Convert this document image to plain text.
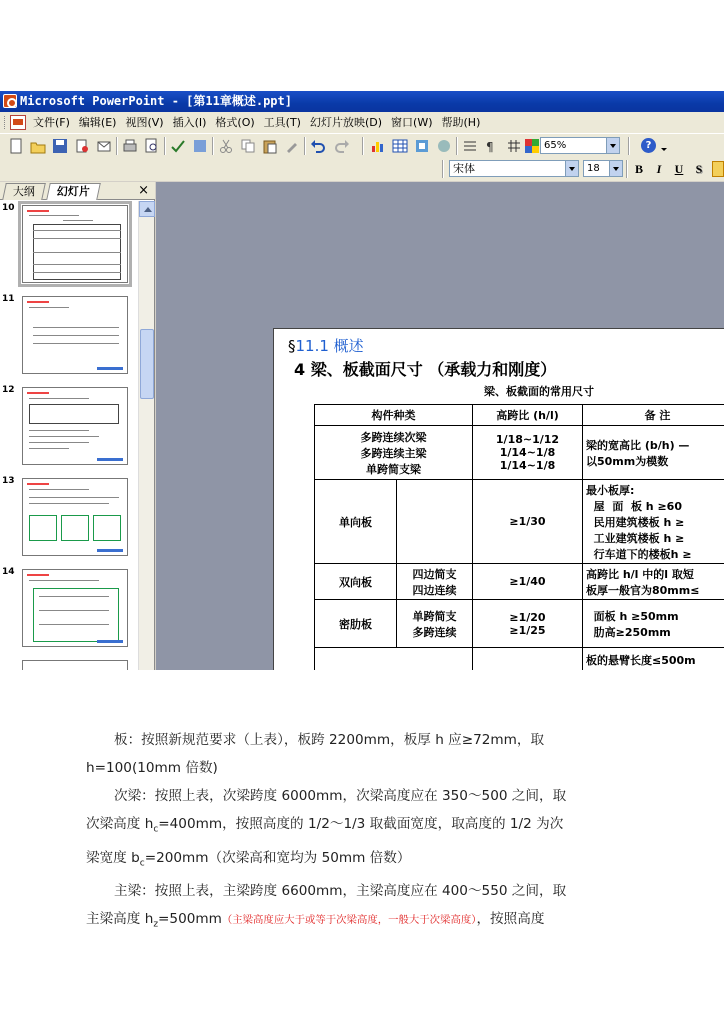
Microsoft PowerPoint - [第11章概述.ppt]
文件(F) 编辑(E) 视图(V) 插入(I) 格式(O) 工具(T) 幻灯片放映(D) 窗口(W) 帮助(H)
¶	65%	?
宋体	18	B	I	U	S
大纲	幻灯片	×
10
11
12
13
14
§11.1 概述
4 梁、板截面尺寸 （承载力和刚度）
梁、板截面的常用尺寸
构件种类		高跨比 (h/l)	备 注
多跨连续次梁
多跨连续主梁
单跨简支梁		1/18~1/12
1/14~1/8
1/14~1/8	梁的宽高比 (b/h) —
以50mm为模数
单向板		≥1/30	最小板厚:
屋  面  板 h ≥60
民用建筑楼板 h ≥
工业建筑楼板 h ≥
行车道下的楼板h ≥
双向板	四边简支
四边连续	≥1/40	高跨比 h/l 中的l 取短
板厚一般官为80mm≤
密肋板	单跨简支
多跨连续	≥1/20
≥1/25	面板 h ≥50mm
肋高≥250mm
			板的悬臂长度≤500m

板：按照新规范要求（上表），板跨 2200mm，板厚 h 应≥72mm，取

h=100(10mm 倍数)

次梁：按照上表，次梁跨度 6000mm，次梁高度应在 350～500 之间，取

次梁高度 $h_c=400mm$，按照高度的 1/2～1/3 取截面宽度，取高度的 1/2 为次

梁宽度 $b_c=200mm$（次梁高和宽均为 50mm 倍数）

主梁：按照上表，主梁跨度 6600mm，主梁高度应在 400～550 之间，取

主梁高度 $h_z=500mm$（主梁高度应大于或等于次梁高度，一般大于次梁高度），按照高度
